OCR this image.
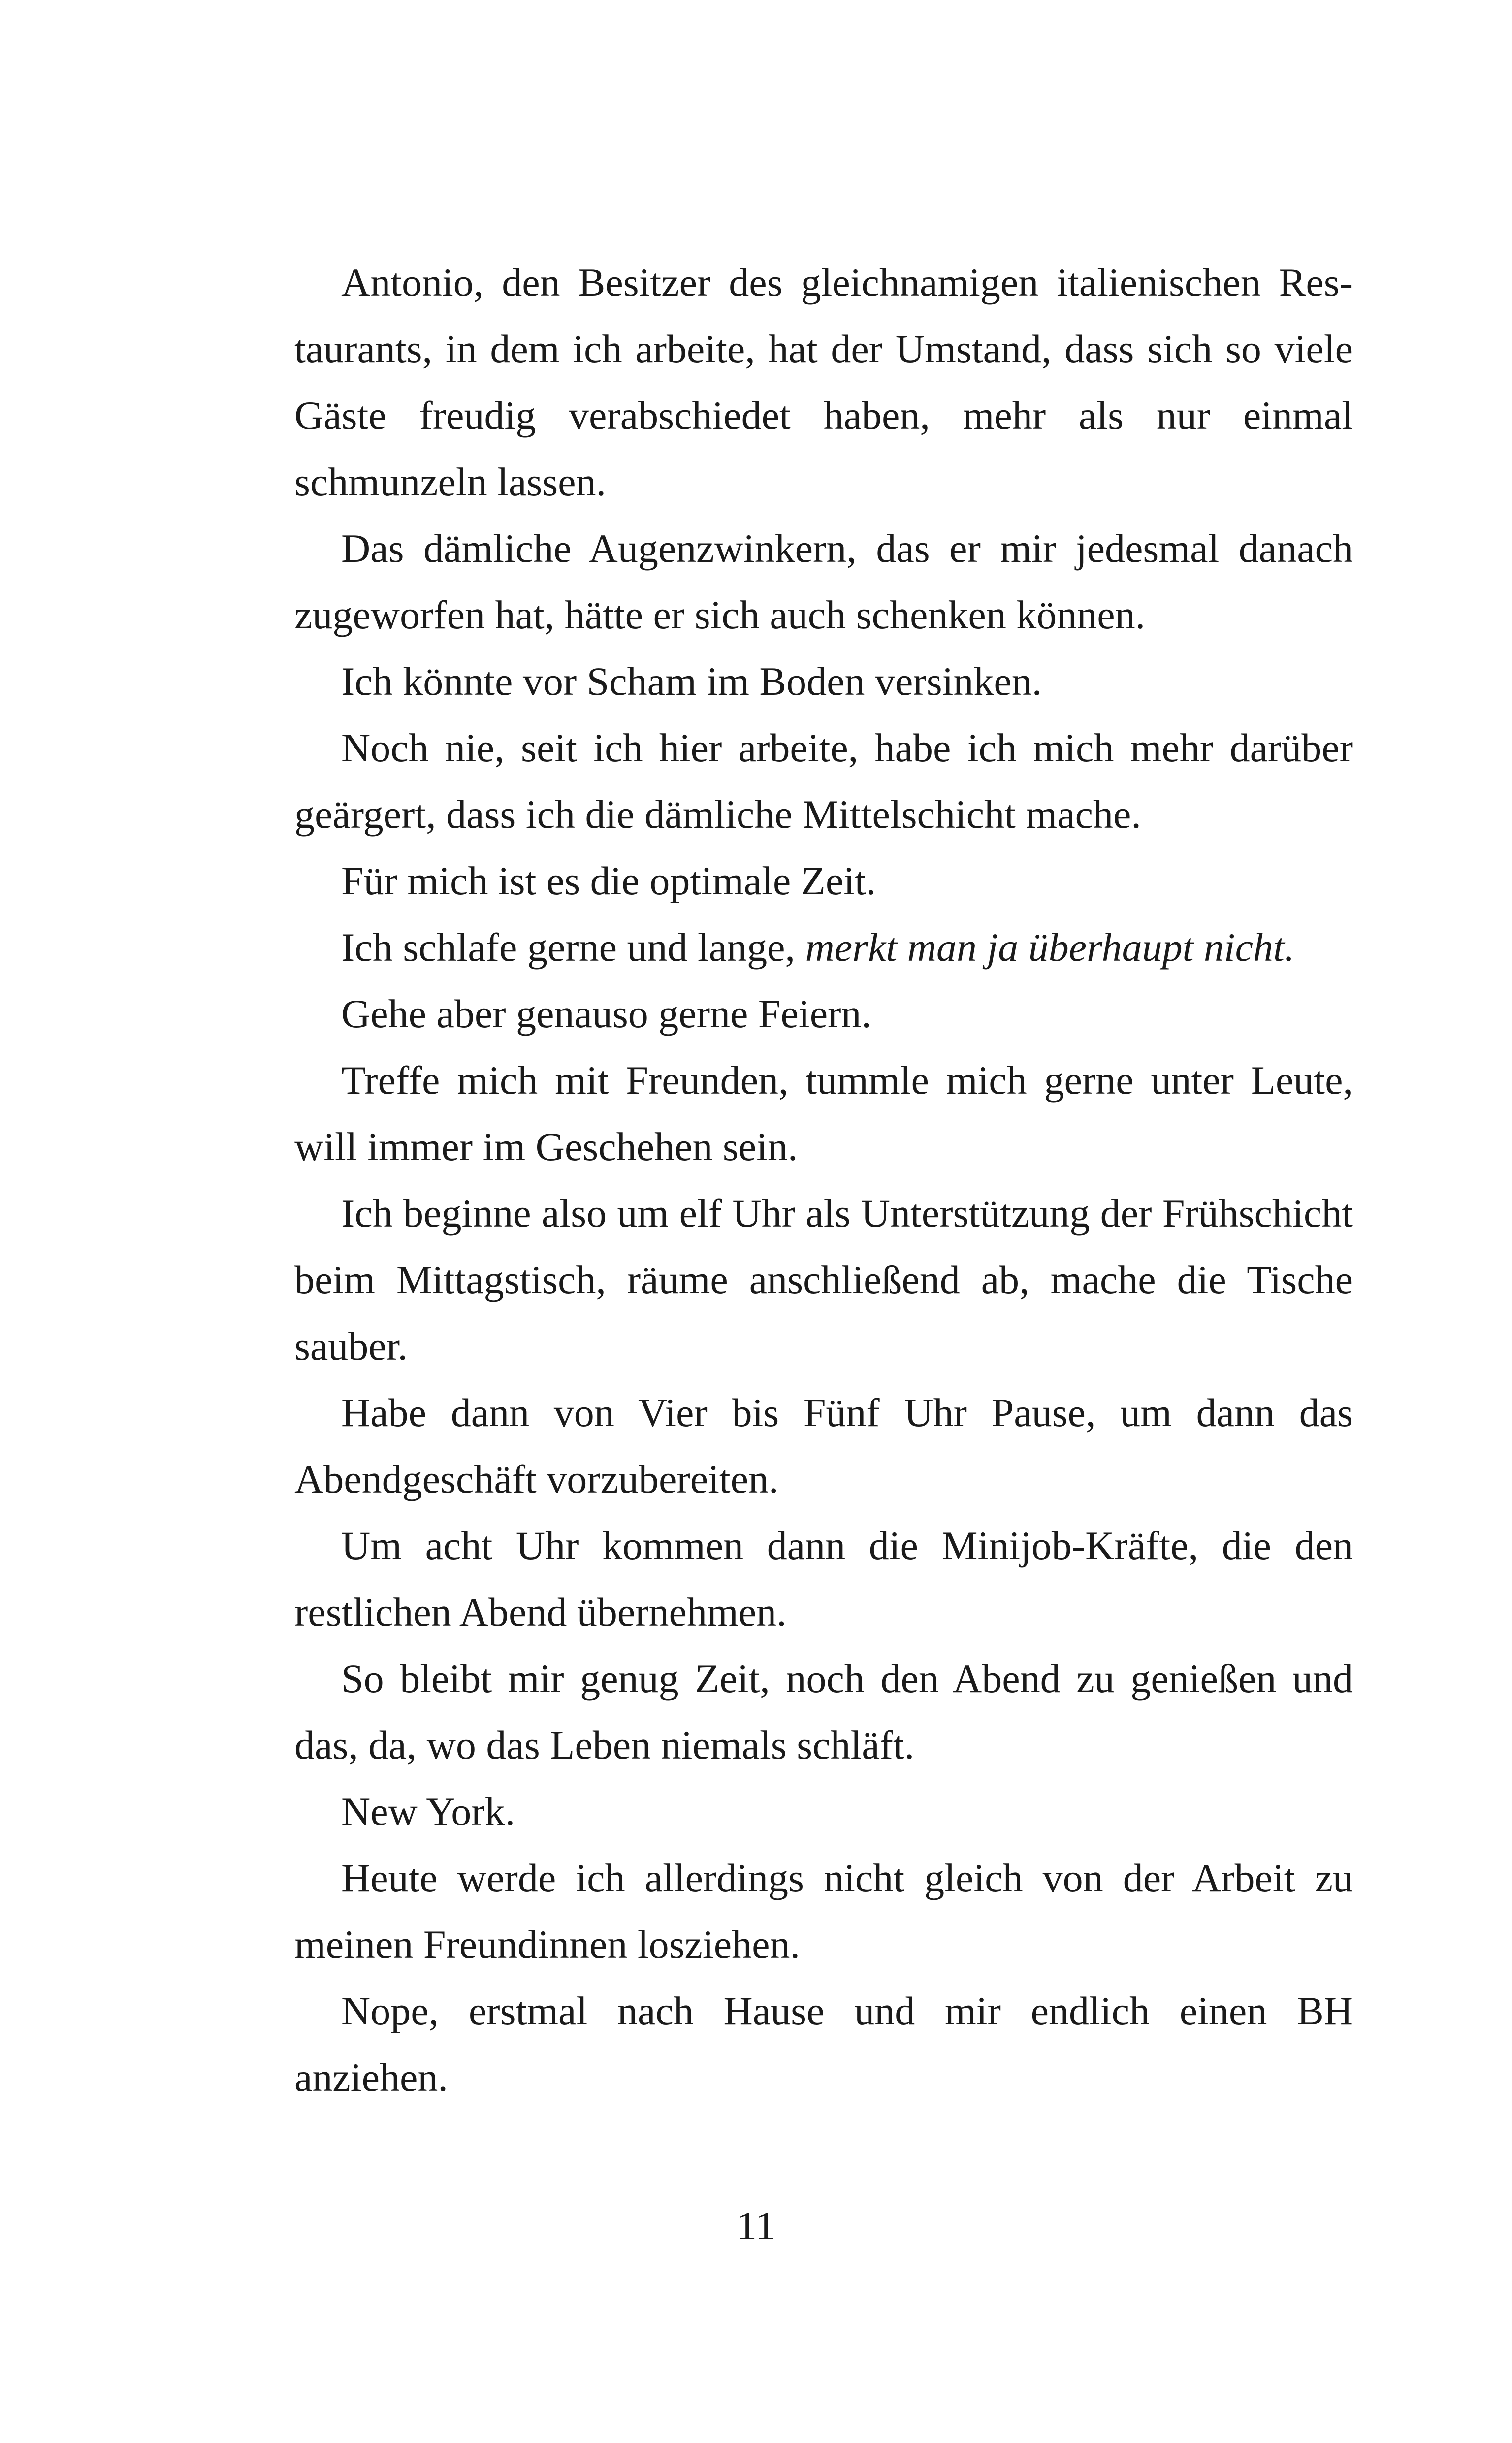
Antonio, den Besitzer des gleichnamigen italienischen Restaurants, in dem ich arbeite, hat der Umstand, dass sich so viele Gäste freudig verabschiedet haben, mehr als nur einmal schmunzeln lassen.

Das dämliche Augenzwinkern, das er mir jedesmal danach zugeworfen hat, hätte er sich auch schenken können.

Ich könnte vor Scham im Boden versinken.

Noch nie, seit ich hier arbeite, habe ich mich mehr darüber geärgert, dass ich die dämliche Mittelschicht mache.

Für mich ist es die optimale Zeit.

Ich schlafe gerne und lange, merkt man ja überhaupt nicht.

Gehe aber genauso gerne Feiern.

Treffe mich mit Freunden, tummle mich gerne unter Leute, will immer im Geschehen sein.

Ich beginne also um elf Uhr als Unterstützung der Frühschicht beim Mittagstisch, räume anschließend ab, mache die Tische sauber.

Habe dann von Vier bis Fünf Uhr Pause, um dann das Abendgeschäft vorzubereiten.

Um acht Uhr kommen dann die Minijob-Kräfte, die den restlichen Abend übernehmen.

So bleibt mir genug Zeit, noch den Abend zu genießen und das, da, wo das Leben niemals schläft.

New York.

Heute werde ich allerdings nicht gleich von der Arbeit zu meinen Freundinnen losziehen.

Nope, erstmal nach Hause und mir endlich einen BH anziehen.

11
